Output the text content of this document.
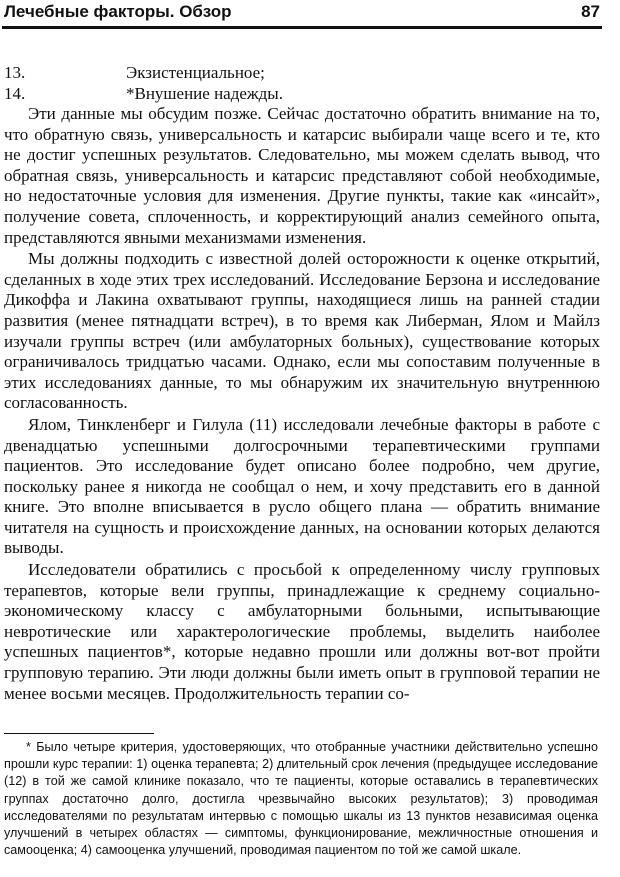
Лечебные факторы. Обзор	87
13.	Экзистенциальное;
14.	*Внушение надежды.

Эти данные мы обсудим позже. Сейчас достаточно обратить внимание на то, что обратную связь, универсальность и катарсис выбирали чаще всего и те, кто не достиг успешных результатов. Следовательно, мы можем сделать вывод, что обратная связь, универсальность и катарсис представляют собой необходимые, но недостаточные условия для изменения. Другие пункты, такие как «инсайт», получение совета, сплоченность, и корректирующий анализ семейного опыта, представляются явными механизмами изменения.

Мы должны подходить с известной долей осторожности к оценке открытий, сделанных в ходе этих трех исследований. Исследование Берзона и исследование Дикоффа и Лакина охватывают группы, находящиеся лишь на ранней стадии развития (менее пятнадцати встреч), в то время как Либерман, Ялом и Майлз изучали группы встреч (или амбулаторных больных), существование которых ограничивалось тридцатью часами. Однако, если мы сопоставим полученные в этих исследованиях данные, то мы обнаружим их значительную внутреннюю согласованность.

Ялом, Тинкленберг и Гилула (11) исследовали лечебные факторы в работе с двенадцатью успешными долгосрочными терапевтическими группами пациентов. Это исследование будет описано более подробно, чем другие, поскольку ранее я никогда не сообщал о нем, и хочу представить его в данной книге. Это вполне вписывается в русло общего плана — обратить внимание читателя на сущность и происхождение данных, на основании которых делаются выводы.

Исследователи обратились с просьбой к определенному числу групповых терапевтов, которые вели группы, принадлежащие к среднему социально-экономическому классу с амбулаторными больными, испытывающие невротические или характерологические проблемы, выделить наиболее успешных пациентов*, которые недавно прошли или должны вот-вот пройти групповую терапию. Эти люди должны были иметь опыт в групповой терапии не менее восьми месяцев. Продолжительность терапии со-

* Было четыре критерия, удостоверяющих, что отобранные участники действительно успешно прошли курс терапии: 1) оценка терапевта; 2) длительный срок лечения (предыдущее исследование (12) в той же самой клинике показало, что те пациенты, которые оставались в терапевтических группах достаточно долго, достигла чрезвычайно высоких результатов); 3) проводимая исследователями по результатам интервью с помощью шкалы из 13 пунктов независимая оценка улучшений в четырех областях — симптомы, функционирование, межличностные отношения и самооценка; 4) самооценка улучшений, проводимая пациентом по той же самой шкале.
